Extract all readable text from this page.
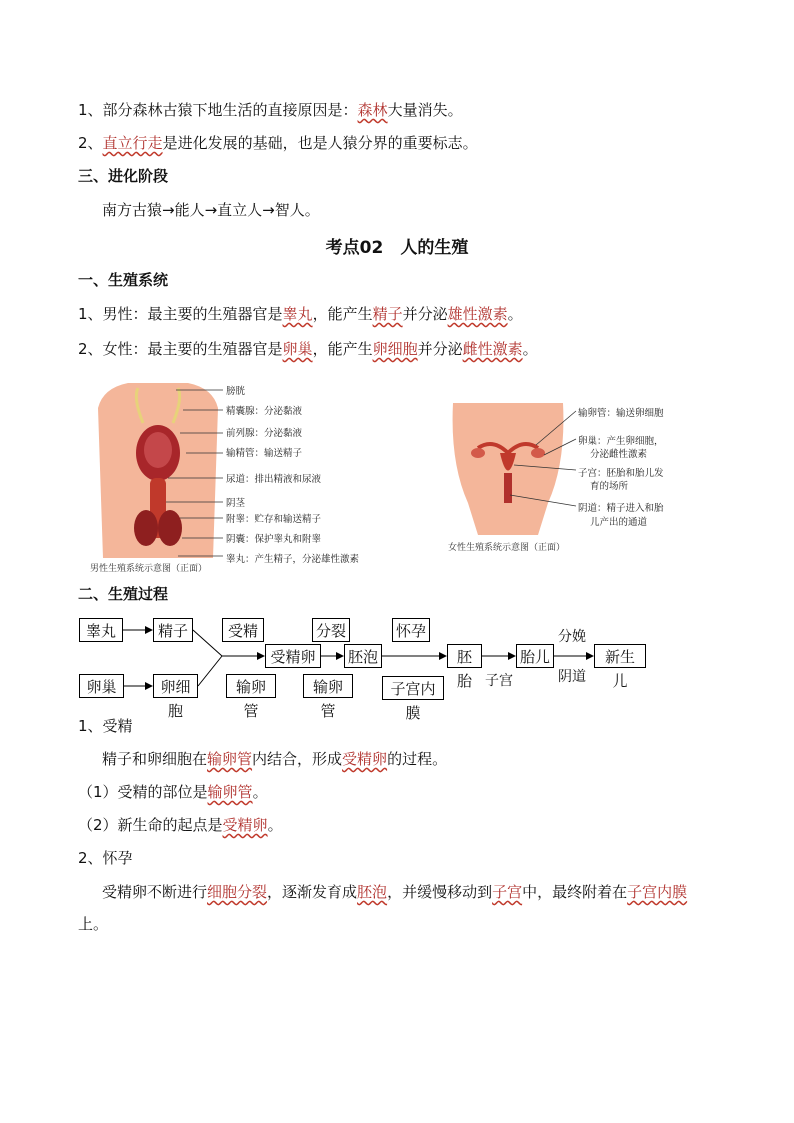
1、部分森林古猿下地生活的直接原因是：森林大量消失。
2、直立行走是进化发展的基础，也是人猿分界的重要标志。
三、进化阶段
南方古猿→能人→直立人→智人。
考点02　人的生殖
一、生殖系统
1、男性：最主要的生殖器官是睾丸，能产生精子并分泌雄性激素。
2、女性：最主要的生殖器官是卵巢，能产生卵细胞并分泌雌性激素。
膀胱
精囊腺：分泌黏液
前列腺：分泌黏液
输精管：输送精子
尿道：排出精液和尿液
阴茎
附睾：贮存和输送精子
阴囊：保护睾丸和附睾
睾丸：产生精子，分泌雄性激素
男性生殖系统示意图（正面）
输卵管：输送卵细胞
卵巢：产生卵细胞，
分泌雌性激素
子宫：胚胎和胎儿发
育的场所
阴道：精子进入和胎
儿产出的通道
女性生殖系统示意图（正面）
二、生殖过程
睾丸	精子
卵巢	卵细胞
受精
输卵管
受精卵
分裂
输卵管
胚泡
怀孕
子宫内膜
胚胎 子宫
胎儿
分娩
阴道
新生儿
1、受精
精子和卵细胞在输卵管内结合，形成受精卵的过程。
（1）受精的部位是输卵管。
（2）新生命的起点是受精卵。
2、怀孕
受精卵不断进行细胞分裂，逐渐发育成胚泡，并缓慢移动到子宫中，最终附着在子宫内膜
上。
